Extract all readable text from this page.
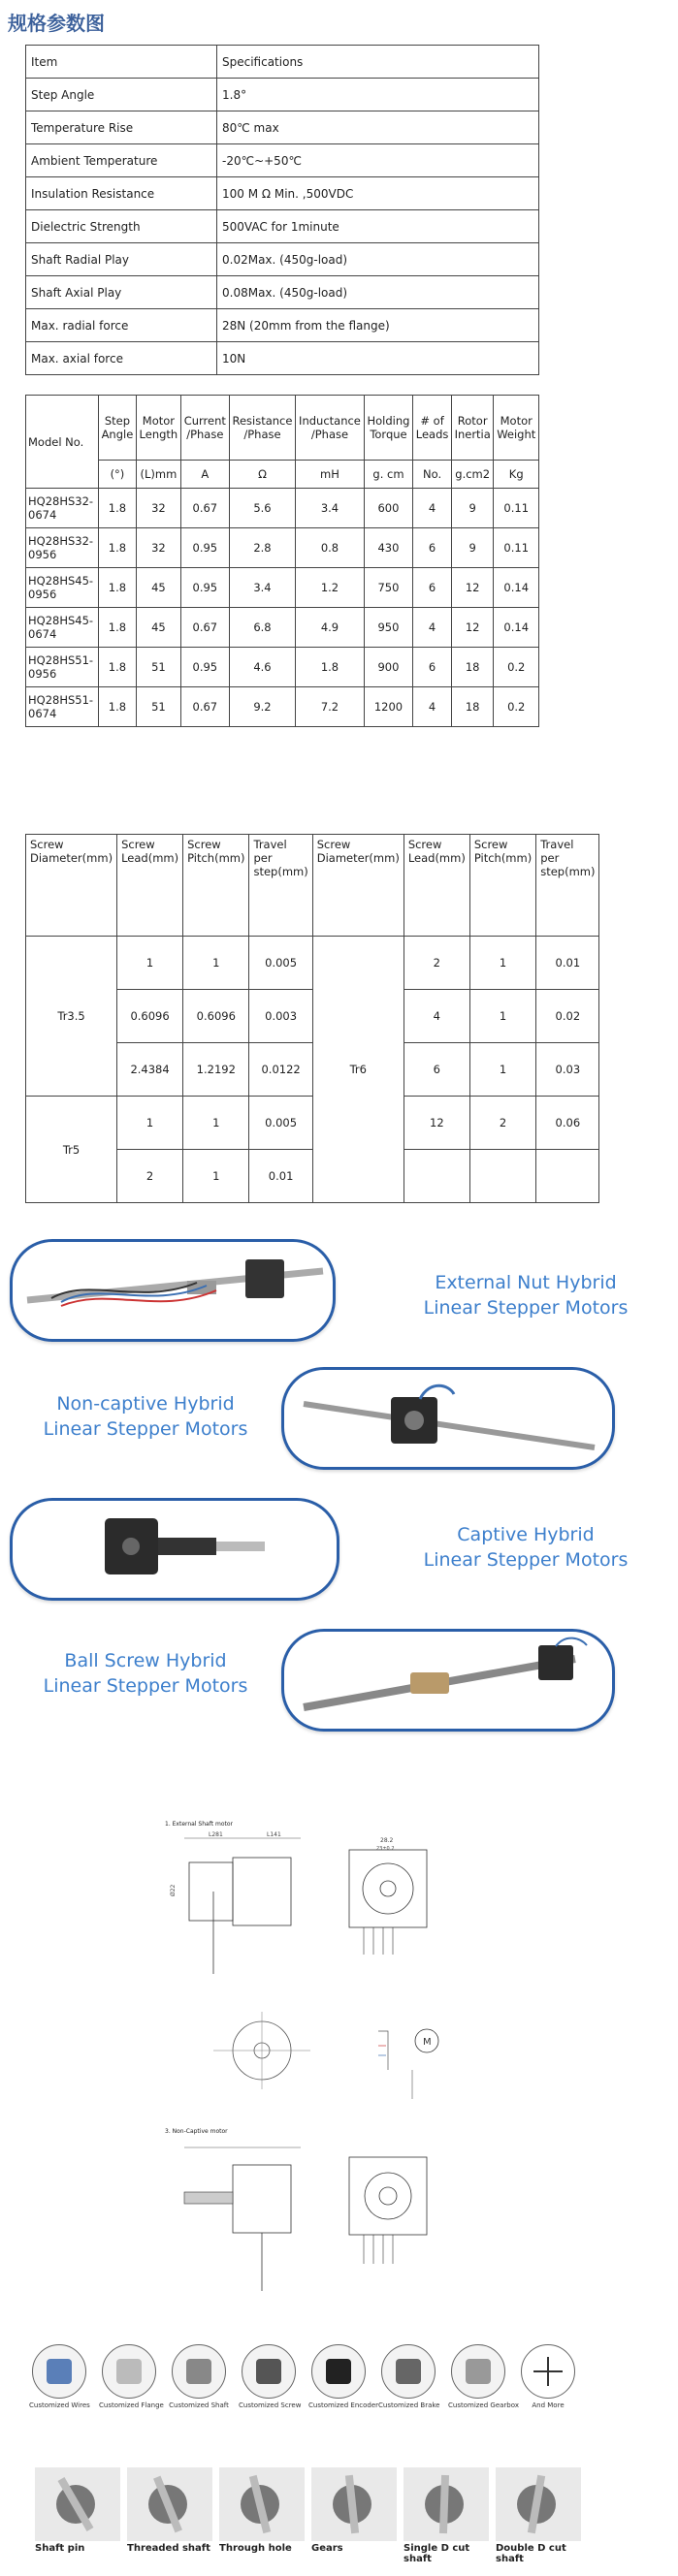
规格参数图
Item	Specifications
Step Angle	1.8°
Temperature Rise	80℃ max
Ambient Temperature	-20℃~+50℃
Insulation Resistance	100 M Ω Min. ,500VDC
Dielectric Strength	500VAC for 1minute
Shaft Radial Play	0.02Max. (450g-load)
Shaft Axial Play	0.08Max. (450g-load)
Max. radial force	28N (20mm from the flange)
Max. axial force	10N
Model No.	Step Angle	Motor Length	Current /Phase	Resistance /Phase	Inductance /Phase	Holding Torque	# of Leads	Rotor Inertia	Motor Weight
	(°)	(L)mm	A	Ω	mH	g. cm	No.	g.cm2	Kg
HQ28HS32-0674	1.8	32	0.67	5.6	3.4	600	4	9	0.11
HQ28HS32-0956	1.8	32	0.95	2.8	0.8	430	6	9	0.11
HQ28HS45-0956	1.8	45	0.95	3.4	1.2	750	6	12	0.14
HQ28HS45-0674	1.8	45	0.67	6.8	4.9	950	4	12	0.14
HQ28HS51-0956	1.8	51	0.95	4.6	1.8	900	6	18	0.2
HQ28HS51-0674	1.8	51	0.67	9.2	7.2	1200	4	18	0.2
Screw Diameter(mm)	Screw Lead(mm)	Screw Pitch(mm)	Travel per step(mm)	Screw Diameter(mm)	Screw Lead(mm)	Screw Pitch(mm)	Travel per step(mm)
Tr3.5	1	1	0.005	Tr6	2	1	0.01
	0.6096	0.6096	0.003		4	1	0.02
	2.4384	1.2192	0.0122		6	1	0.03
Tr5	1	1	0.005		12	2	0.06
	2	1	0.01				
External Nut Hybrid
Linear Stepper Motors
Non-captive Hybrid
Linear Stepper Motors
Captive Hybrid
Linear Stepper Motors
Ball Screw Hybrid
Linear Stepper Motors
1. External Shaft motor
L281	L141
Ø22
28.2
23±0.2
M
3. Non-Captive motor
Customized Wires Customized Flange Customized Shaft Customized Screw Customized Encoder Customized Brake Customized Gearbox	And More
Shaft pin	Threaded shaft Through hole	Gears	Single D cut shaft
Double D cut shaft
